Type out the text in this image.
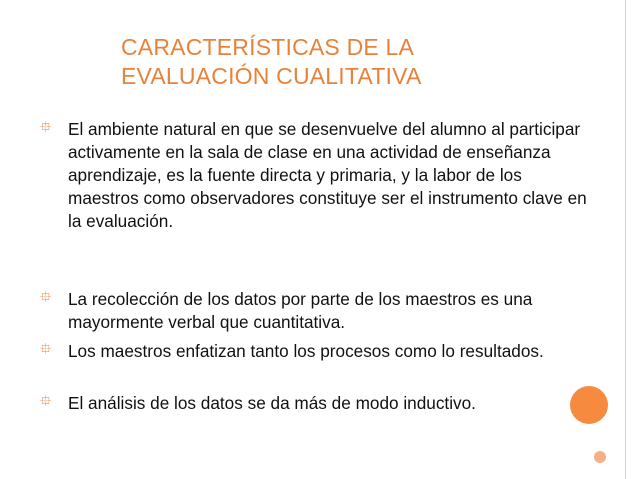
CARACTERÍSTICAS DE LA
EVALUACIÓN CUALITATIVA
⯐ El ambiente natural en que se desenvuelve del alumno al participar activamente en la sala de clase en una actividad de enseñanza aprendizaje, es la fuente directa y primaria, y la labor de los maestros como observadores constituye ser el instrumento clave en la evaluación.
⯐ La recolección de los datos por parte de los maestros es una mayormente verbal que cuantitativa.
⯐ Los maestros enfatizan tanto los procesos como lo resultados.
⯐ El análisis de los datos se da más de modo inductivo.
